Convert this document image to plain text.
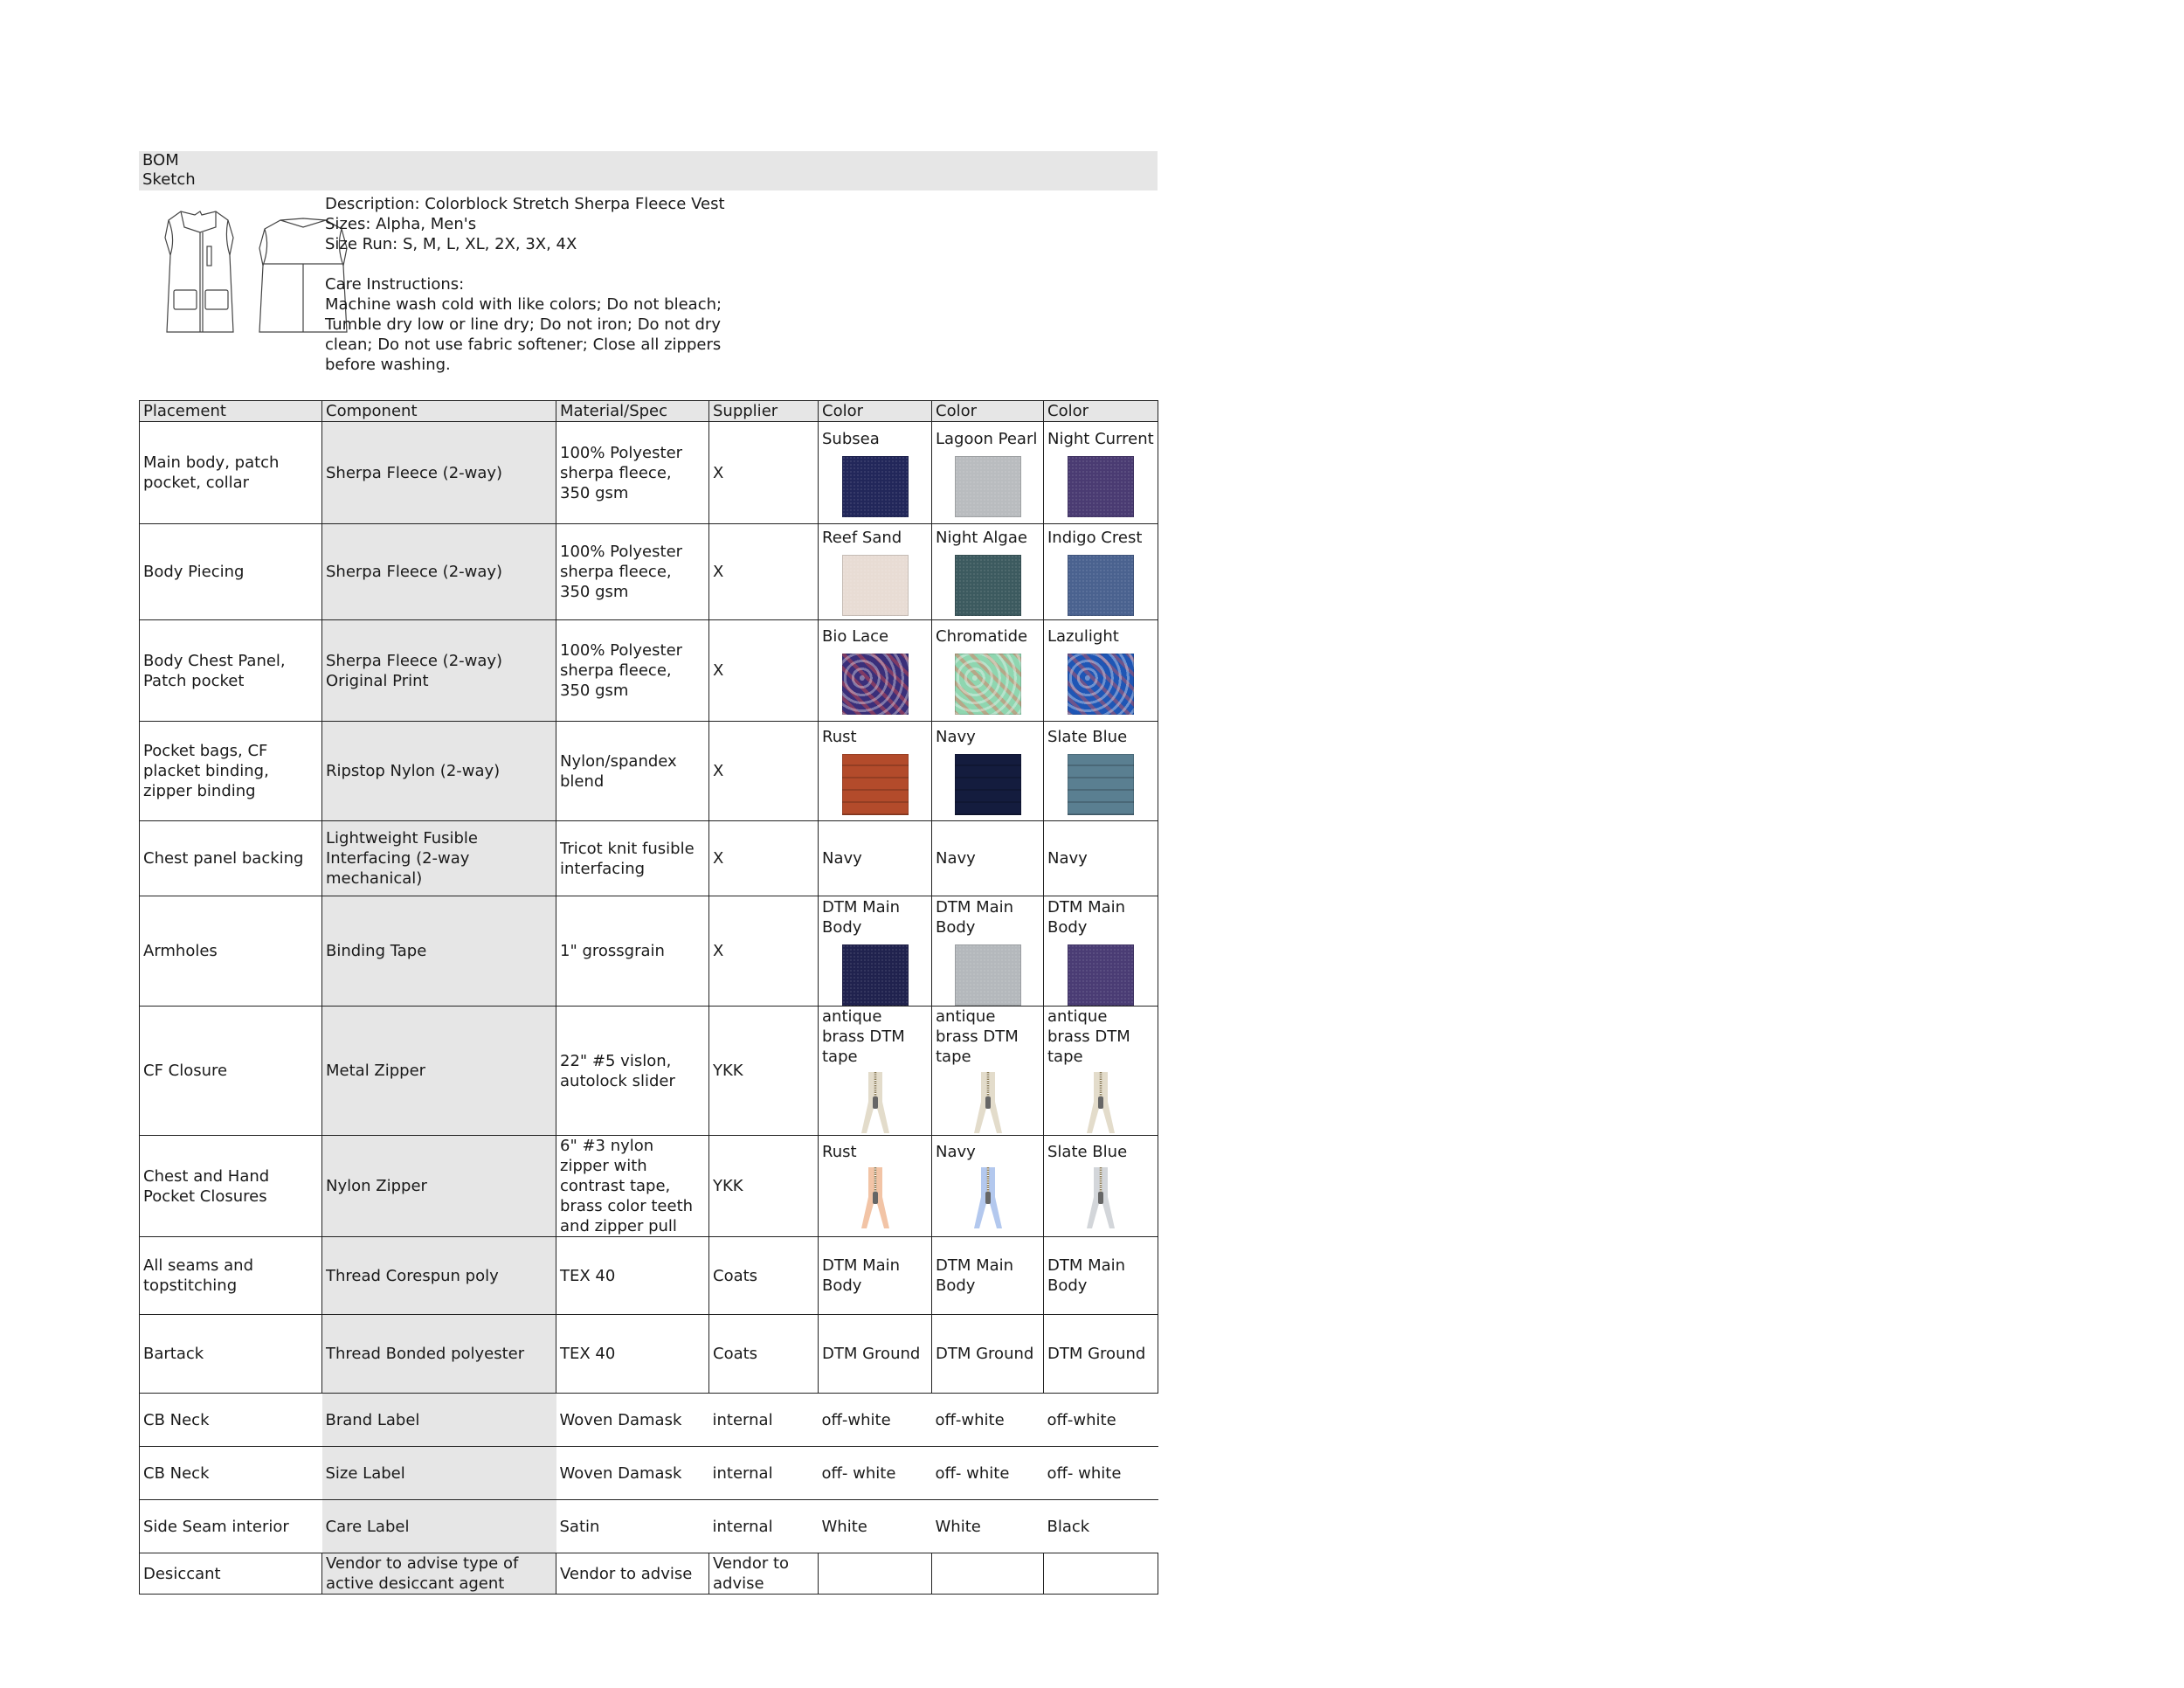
BOM
Sketch
Description: Colorblock Stretch Sherpa Fleece Vest
Sizes: Alpha, Men's
Size Run: S, M, L, XL, 2X, 3X, 4X
Care Instructions:
Machine wash cold with like colors; Do not bleach; Tumble dry low or line dry; Do not iron; Do not dry clean; Do not use fabric softener; Close all zippers before washing.
Placement	Component	Material/Spec	Supplier	Color	Color	Color
Main body, patch pocket, collar	Sherpa Fleece (2-way)	100% Polyester sherpa fleece, 350 gsm	X	Subsea	Lagoon Pearl	Night Current

Body Piecing	Sherpa Fleece (2-way)	100% Polyester sherpa fleece, 350 gsm	X	Reef Sand	Night Algae	Indigo Crest

Body Chest Panel, Patch pocket	Sherpa Fleece (2-way) Original Print	100% Polyester sherpa fleece, 350 gsm	X	Bio Lace	Chromatide	Lazulight

Pocket bags, CF placket binding, zipper binding	Ripstop Nylon (2-way)	Nylon/spandex blend	X	Rust	Navy	Slate Blue

Chest panel backing	Lightweight Fusible Interfacing (2-way mechanical)	Tricot knit fusible interfacing	X	Navy	Navy	Navy

Armholes	Binding Tape	1" grossgrain	X	DTM Main Body	DTM Main Body	DTM Main Body

CF Closure	Metal Zipper	22" #5 vislon, autolock slider	YKK	antique brass DTM tape	antique brass DTM tape	antique brass DTM tape

Chest and Hand Pocket Closures	Nylon Zipper	6" #3 nylon zipper with contrast tape, brass color teeth and zipper pull	YKK	Rust	Navy	Slate Blue

All seams and topstitching	Thread Corespun poly	TEX 40	Coats	DTM Main Body	DTM Main Body	DTM Main Body

Bartack	Thread Bonded polyester	TEX 40	Coats	DTM Ground	DTM Ground	DTM Ground

CB Neck	Brand Label	Woven Damask	internal	off-white	off-white	off-white

CB Neck	Size Label	Woven Damask	internal	off- white	off- white	off- white

Side Seam interior	Care Label	Satin	internal	White	White	Black

Desiccant	Vendor to advise type of active desiccant agent	Vendor to advise	Vendor to advise	
